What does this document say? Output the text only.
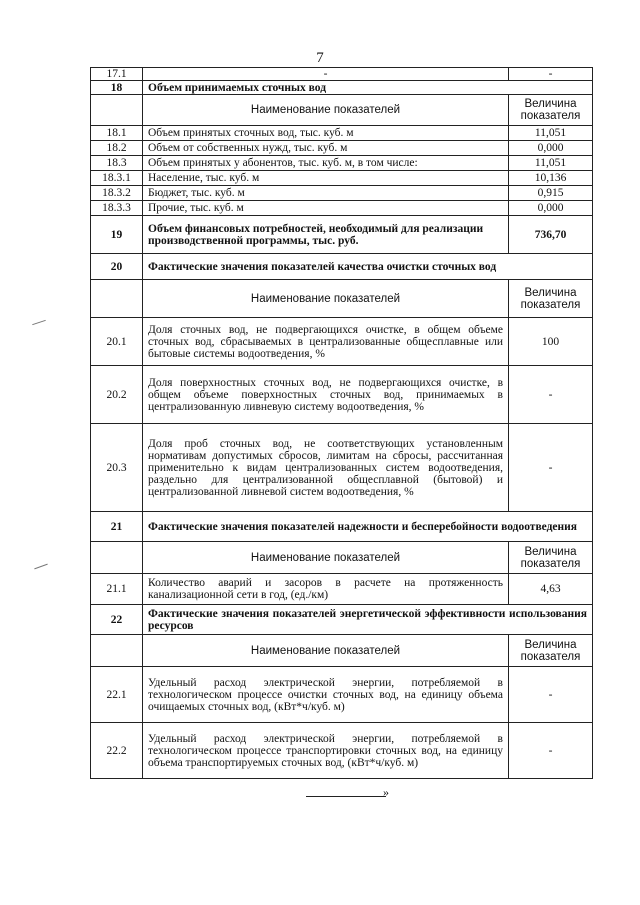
7
17.1	-	-
18	Объем принимаемых сточных вод	
	Наименование показателей	Величина показателя
18.1	Объем принятых сточных вод, тыс. куб. м	11,051
18.2	Объем от собственных нужд, тыс. куб. м	0,000
18.3	Объем принятых у абонентов, тыс. куб. м, в том числе:	11,051
18.3.1	Население, тыс. куб. м	10,136
18.3.2	Бюджет, тыс. куб. м	0,915
18.3.3	Прочие, тыс. куб. м	0,000
19	Объем финансовых потребностей, необходимый для реализации производственной программы, тыс. руб.	736,70
20	Фактические значения показателей качества очистки сточных вод	
	Наименование показателей	Величина показателя
20.1	Доля сточных вод, не подвергающихся очистке, в общем объеме сточных вод, сбрасываемых в централизованные общесплавные или бытовые системы водоотведения, %	100
20.2	Доля поверхностных сточных вод, не подвергающихся очистке, в общем объеме поверхностных сточных вод, принимаемых в централизованную ливневую систему водоотведения, %	-
20.3	Доля проб сточных вод, не соответствующих установленным нормативам допустимых сбросов, лимитам на сбросы, рассчитанная применительно к видам централизованных систем водоотведения, раздельно для централизованной общесплавной (бытовой) и централизованной ливневой систем водоотведения, %	-
21	Фактические значения показателей надежности и бесперебойности водоотведения	
	Наименование показателей	Величина показателя
21.1	Количество аварий и засоров в расчете на протяженность канализационной сети в год, (ед./км)	4,63
22	Фактические значения показателей энергетической эффективности использования ресурсов	
	Наименование показателей	Величина показателя
22.1	Удельный расход электрической энергии, потребляемой в технологическом процессе очистки сточных вод, на единицу объема очищаемых сточных вод, (кВт*ч/куб. м)	-
22.2	Удельный расход электрической энергии, потребляемой в технологическом процессе транспортировки сточных вод, на единицу объема транспортируемых сточных вод, (кВт*ч/куб. м)	-
»
